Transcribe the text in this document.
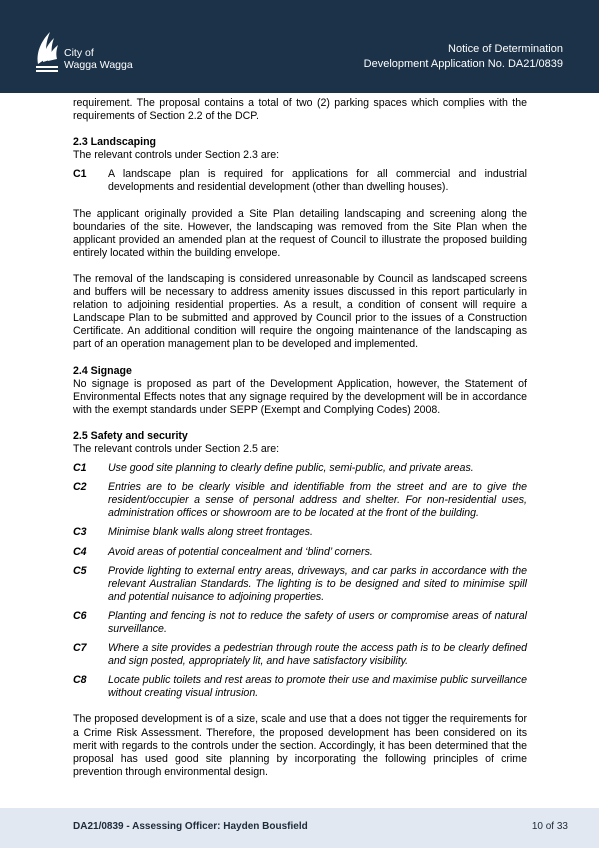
City of
Wagga Wagga
Notice of Determination
Development Application No. DA21/0839

requirement. The proposal contains a total of two (2) parking spaces which complies with the requirements of Section 2.2 of the DCP.

2.3 Landscaping

The relevant controls under Section 2.3 are:

C1	A landscape plan is required for applications for all commercial and industrial developments and residential development (other than dwelling houses).

The applicant originally provided a Site Plan detailing landscaping and screening along the boundaries of the site. However, the landscaping was removed from the Site Plan when the applicant provided an amended plan at the request of Council to illustrate the proposed building entirely located within the building envelope.

The removal of the landscaping is considered unreasonable by Council as landscaped screens and buffers will be necessary to address amenity issues discussed in this report particularly in relation to adjoining residential properties. As a result, a condition of consent will require a Landscape Plan to be submitted and approved by Council prior to the issues of a Construction Certificate. An additional condition will require the ongoing maintenance of the landscaping as part of an operation management plan to be developed and implemented.

2.4 Signage

No signage is proposed as part of the Development Application, however, the Statement of Environmental Effects notes that any signage required by the development will be in accordance with the exempt standards under SEPP (Exempt and Complying Codes) 2008.

2.5 Safety and security

The relevant controls under Section 2.5 are:

C1	Use good site planning to clearly define public, semi-public, and private areas.
C2	Entries are to be clearly visible and identifiable from the street and are to give the resident/occupier a sense of personal address and shelter. For non-residential uses, administration offices or showroom are to be located at the front of the building.
C3	Minimise blank walls along street frontages.
C4	Avoid areas of potential concealment and ‘blind’ corners.
C5	Provide lighting to external entry areas, driveways, and car parks in accordance with the relevant Australian Standards. The lighting is to be designed and sited to minimise spill and potential nuisance to adjoining properties.
C6	Planting and fencing is not to reduce the safety of users or compromise areas of natural surveillance.
C7	Where a site provides a pedestrian through route the access path is to be clearly defined and sign posted, appropriately lit, and have satisfactory visibility.
C8	Locate public toilets and rest areas to promote their use and maximise public surveillance without creating visual intrusion.

The proposed development is of a size, scale and use that a does not tigger the requirements for a Crime Risk Assessment. Therefore, the proposed development has been considered on its merit with regards to the controls under the section. Accordingly, it has been determined that the proposal has used good site planning by incorporating the following principles of crime prevention through environmental design.

DA21/0839 - Assessing Officer: Hayden Bousfield	10 of 33
